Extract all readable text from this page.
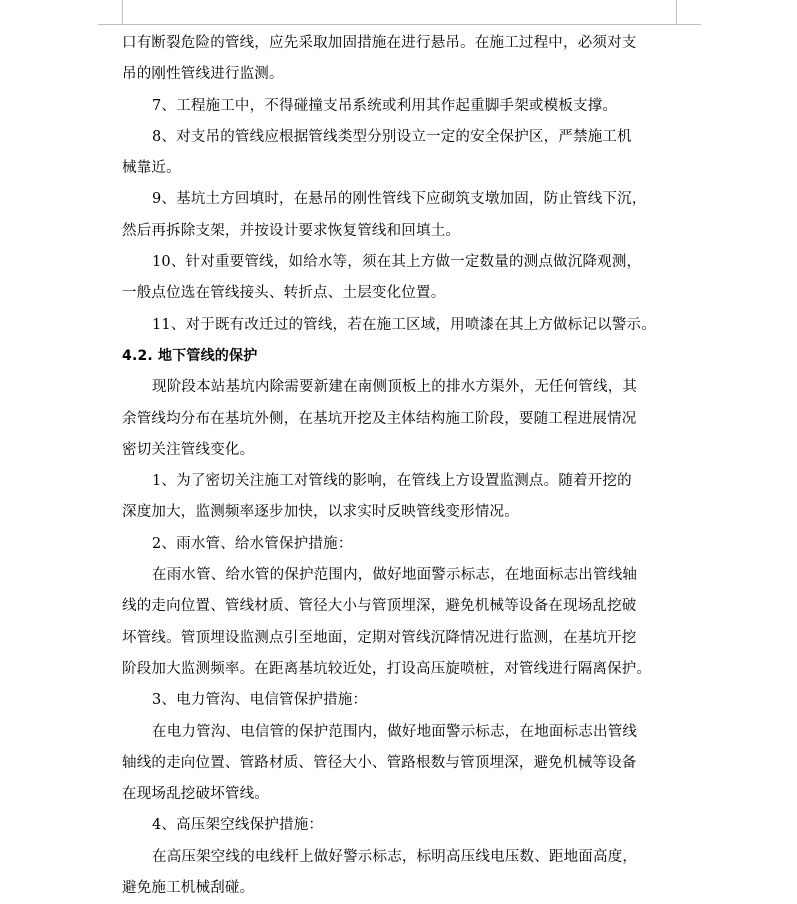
口有断裂危险的管线，应先采取加固措施在进行悬吊。在施工过程中，必须对支
吊的刚性管线进行监测。
7、工程施工中，不得碰撞支吊系统或利用其作起重脚手架或模板支撑。
8、对支吊的管线应根据管线类型分别设立一定的安全保护区，严禁施工机
械靠近。
9、基坑土方回填时，在悬吊的刚性管线下应砌筑支墩加固，防止管线下沉，
然后再拆除支架，并按设计要求恢复管线和回填土。
10、针对重要管线，如给水等，须在其上方做一定数量的测点做沉降观测，
一般点位选在管线接头、转折点、土层变化位置。
11、对于既有改迁过的管线，若在施工区域，用喷漆在其上方做标记以警示。
4.2. 地下管线的保护
现阶段本站基坑内除需要新建在南侧顶板上的排水方渠外，无任何管线，其
余管线均分布在基坑外侧，在基坑开挖及主体结构施工阶段，要随工程进展情况
密切关注管线变化。
1、为了密切关注施工对管线的影响，在管线上方设置监测点。随着开挖的
深度加大，监测频率逐步加快，以求实时反映管线变形情况。
2、雨水管、给水管保护措施：
在雨水管、给水管的保护范围内，做好地面警示标志，在地面标志出管线轴
线的走向位置、管线材质、管径大小与管顶埋深，避免机械等设备在现场乱挖破
坏管线。管顶埋设监测点引至地面，定期对管线沉降情况进行监测，在基坑开挖
阶段加大监测频率。在距离基坑较近处，打设高压旋喷桩，对管线进行隔离保护。
3、电力管沟、电信管保护措施：
在电力管沟、电信管的保护范围内，做好地面警示标志，在地面标志出管线
轴线的走向位置、管路材质、管径大小、管路根数与管顶埋深，避免机械等设备
在现场乱挖破坏管线。
4、高压架空线保护措施：
在高压架空线的电线杆上做好警示标志，标明高压线电压数、距地面高度，
避免施工机械刮碰。
